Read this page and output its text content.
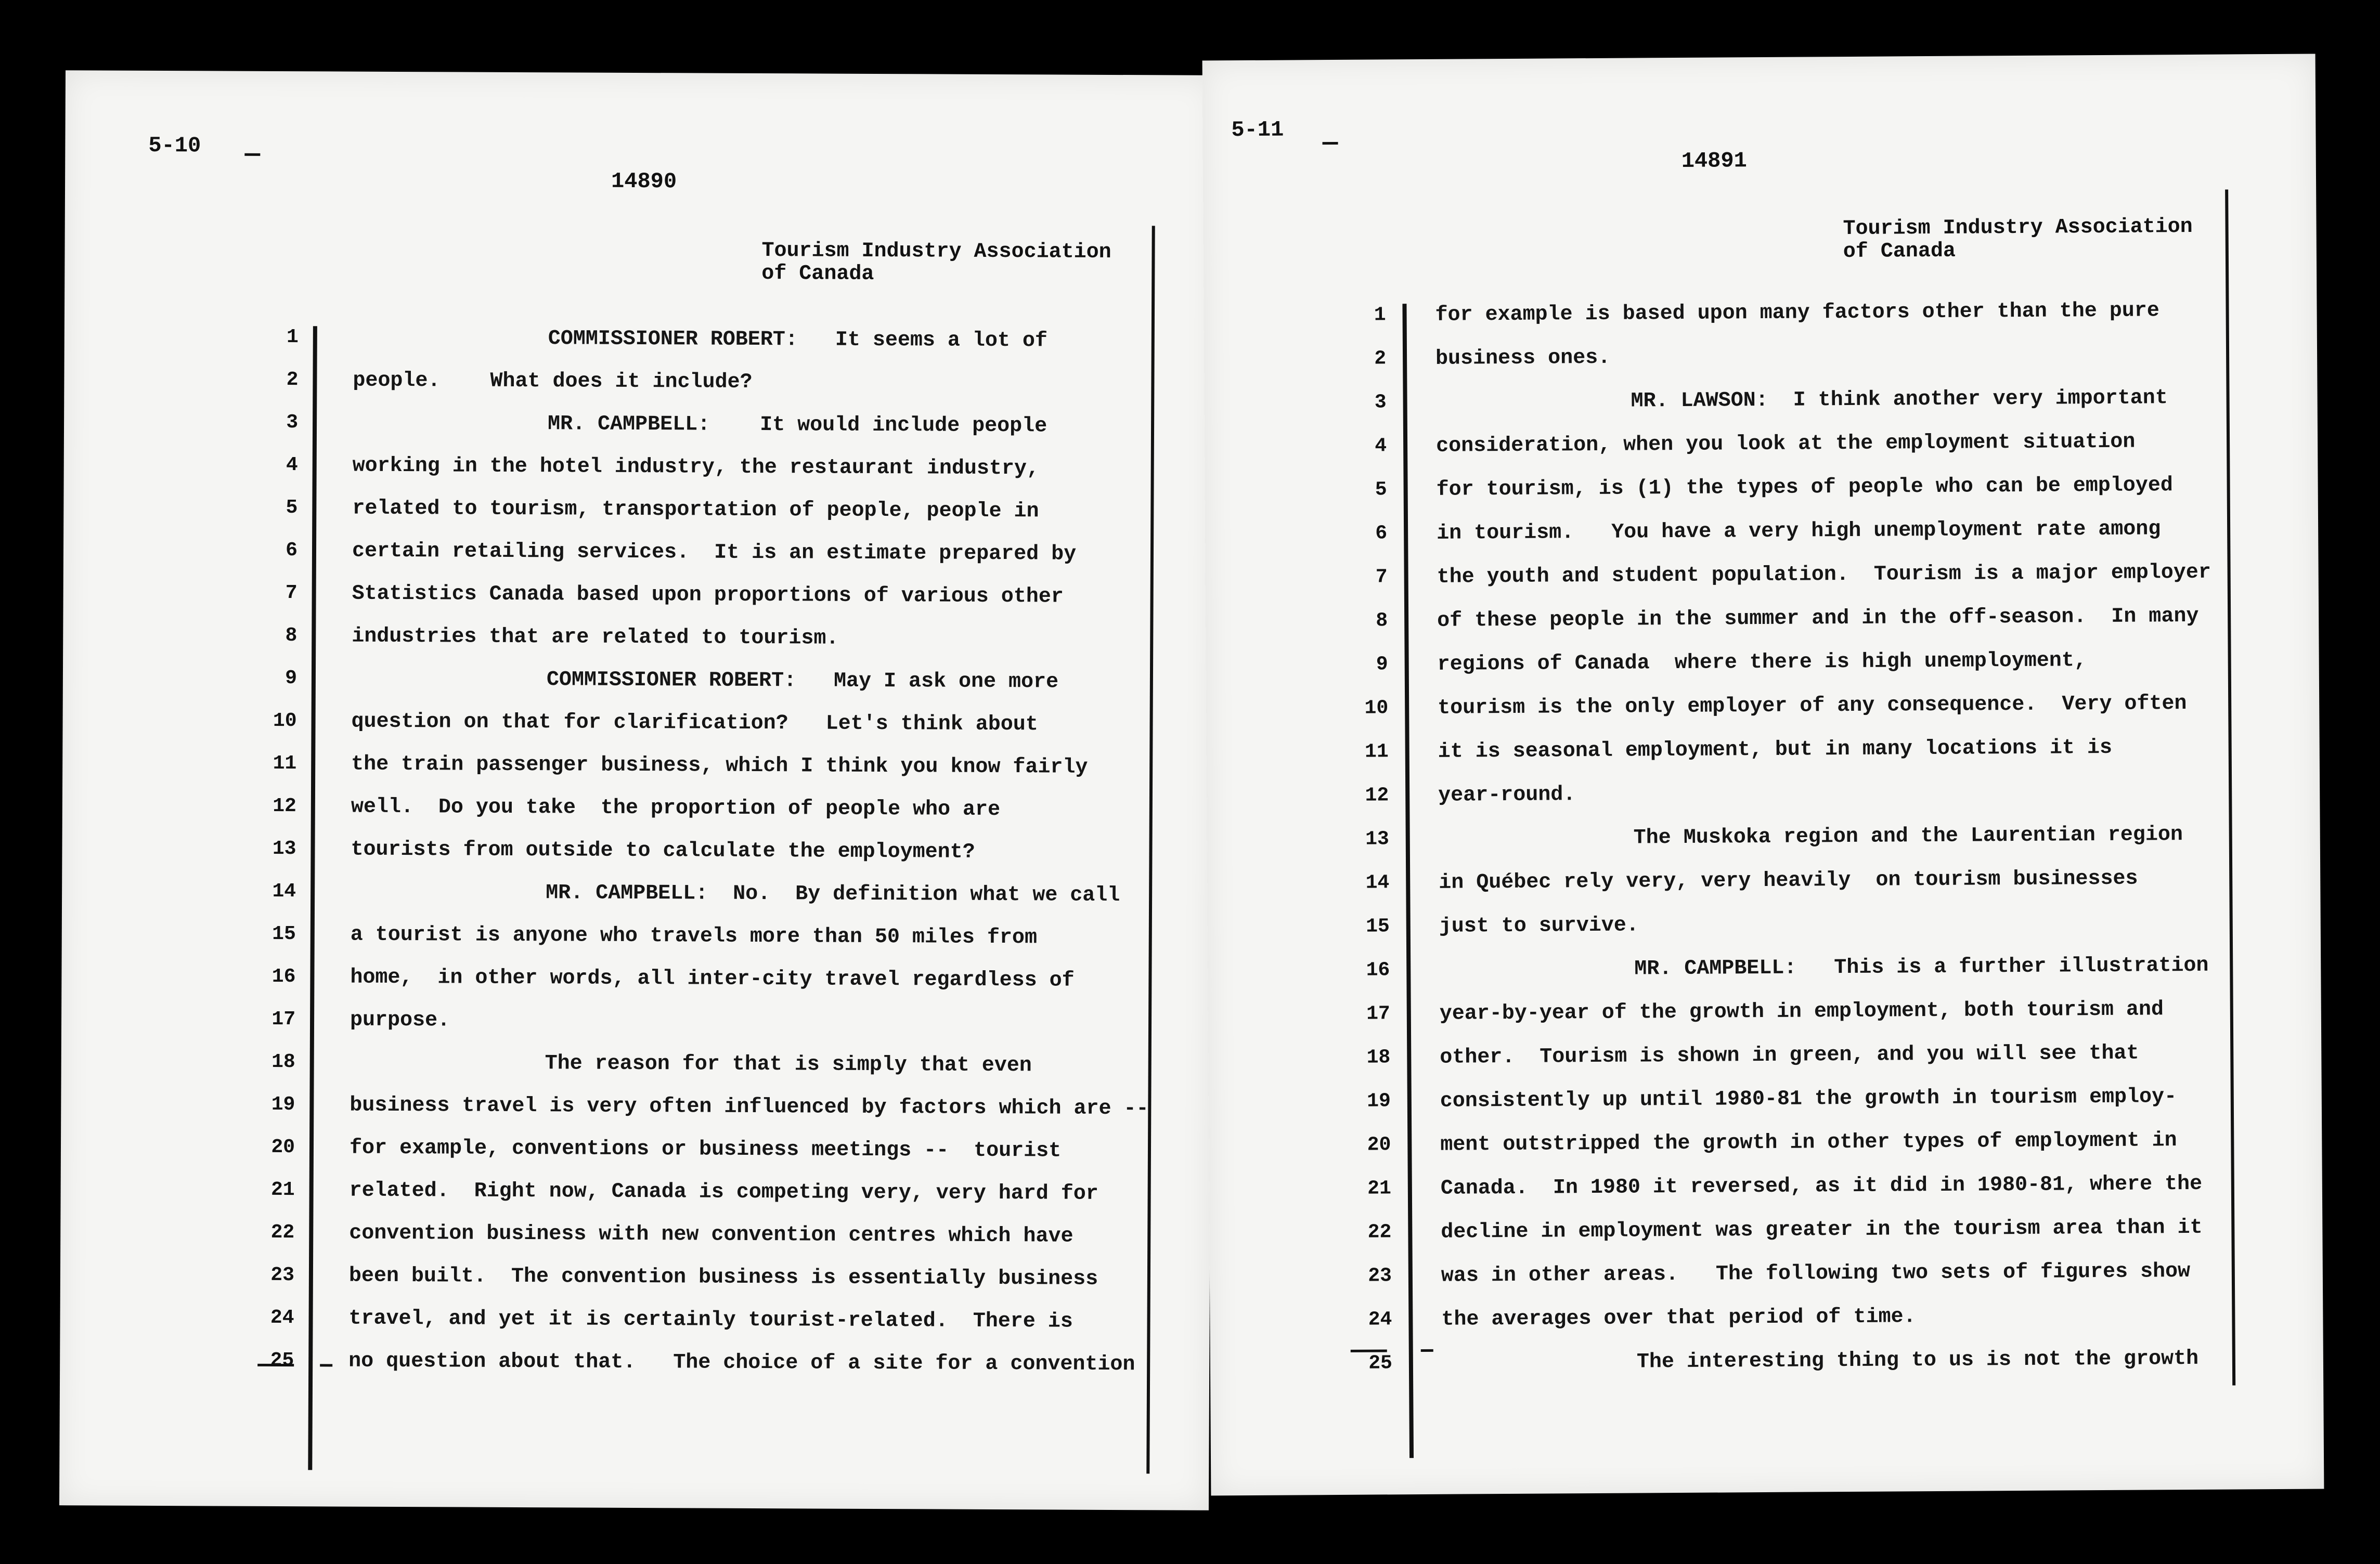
5-10
14890
Tourism Industry Association
of Canada
1
2
3
4
5
6
7
8
9
10
11
12
13
14
15
16
17
18
19
20
21
22
23
24
25
COMMISSIONER ROBERT:   It seems a lot of
people.    What does it include?
MR. CAMPBELL:    It would include people
working in the hotel industry, the restaurant industry,
related to tourism, transportation of people, people in
certain retailing services.  It is an estimate prepared by
Statistics Canada based upon proportions of various other
industries that are related to tourism.
COMMISSIONER ROBERT:   May I ask one more
question on that for clarification?   Let's think about
the train passenger business, which I think you know fairly
well.  Do you take  the proportion of people who are
tourists from outside to calculate the employment?
MR. CAMPBELL:  No.  By definition what we call
a tourist is anyone who travels more than 50 miles from
home,  in other words, all inter-city travel regardless of
purpose.
The reason for that is simply that even
business travel is very often influenced by factors which are --
for example, conventions or business meetings --  tourist
related.  Right now, Canada is competing very, very hard for
convention business with new convention centres which have
been built.  The convention business is essentially business
travel, and yet it is certainly tourist-related.  There is
no question about that.   The choice of a site for a convention
5-11
14891
Tourism Industry Association
of Canada
1
2
3
4
5
6
7
8
9
10
11
12
13
14
15
16
17
18
19
20
21
22
23
24
25
for example is based upon many factors other than the pure
business ones.
MR. LAWSON:  I think another very important
consideration, when you look at the employment situation
for tourism, is (1) the types of people who can be employed
in tourism.   You have a very high unemployment rate among
the youth and student population.  Tourism is a major employer
of these people in the summer and in the off-season.  In many
regions of Canada  where there is high unemployment,
tourism is the only employer of any consequence.  Very often
it is seasonal employment, but in many locations it is
year-round.
The Muskoka region and the Laurentian region
in Québec rely very, very heavily  on tourism businesses
just to survive.
MR. CAMPBELL:   This is a further illustration
year-by-year of the growth in employment, both tourism and
other.  Tourism is shown in green, and you will see that
consistently up until 1980-81 the growth in tourism employ-
ment outstripped the growth in other types of employment in
Canada.  In 1980 it reversed, as it did in 1980-81, where the
decline in employment was greater in the tourism area than it
was in other areas.   The following two sets of figures show
the averages over that period of time.
The interesting thing to us is not the growth
